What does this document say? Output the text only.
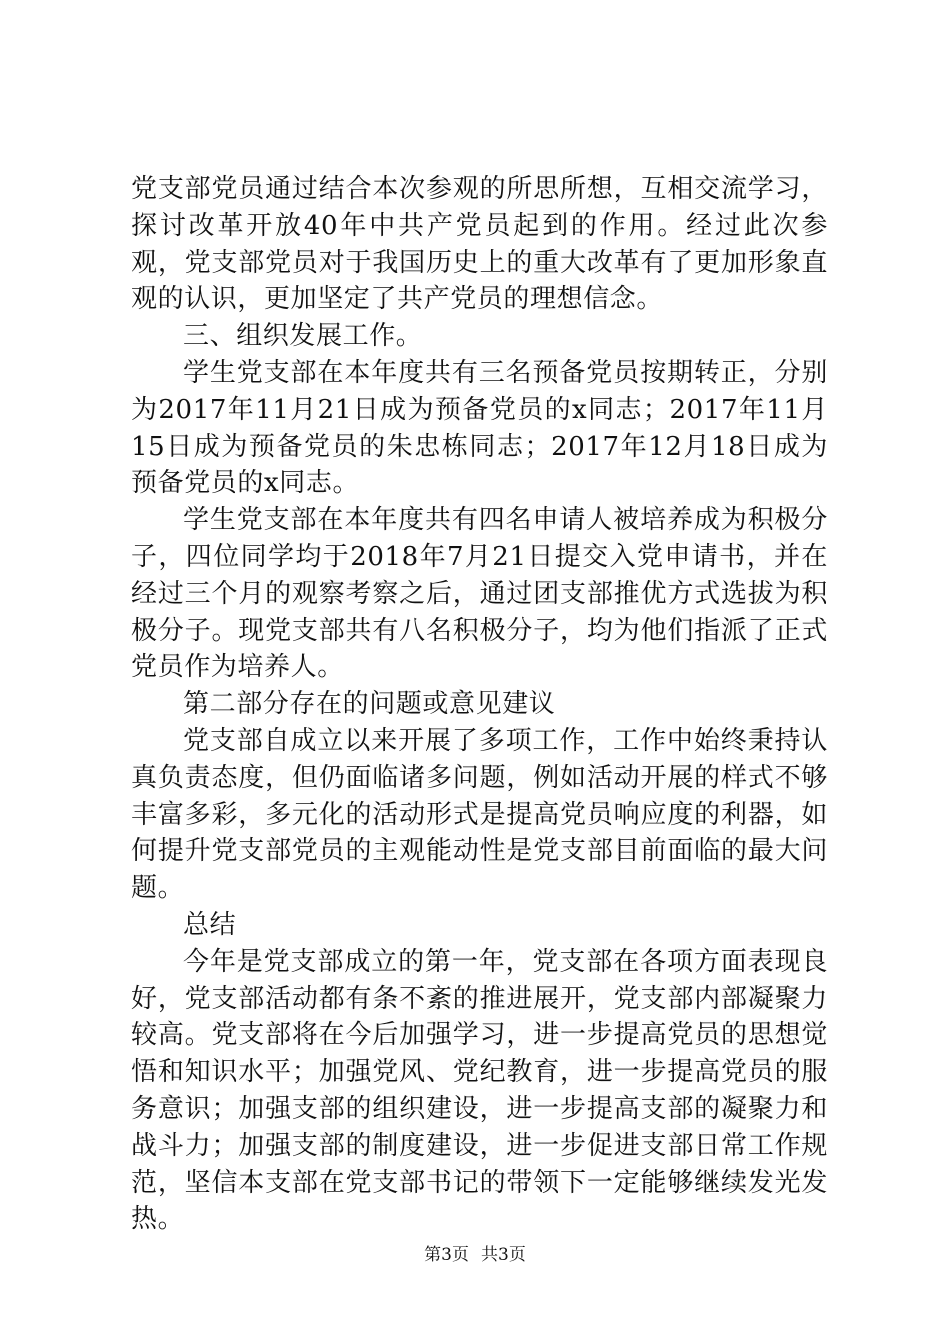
党支部党员通过结合本次参观的所思所想，互相交流学习，探讨改革开放40年中共产党员起到的作用。经过此次参观，党支部党员对于我国历史上的重大改革有了更加形象直观的认识，更加坚定了共产党员的理想信念。

三、组织发展工作。

学生党支部在本年度共有三名预备党员按期转正，分别为2017年11月21日成为预备党员的x同志；2017年11月15日成为预备党员的朱忠栋同志；2017年12月18日成为预备党员的x同志。

学生党支部在本年度共有四名申请人被培养成为积极分子，四位同学均于2018年7月21日提交入党申请书，并在经过三个月的观察考察之后，通过团支部推优方式选拔为积极分子。现党支部共有八名积极分子，均为他们指派了正式党员作为培养人。

第二部分存在的问题或意见建议

党支部自成立以来开展了多项工作，工作中始终秉持认真负责态度，但仍面临诸多问题，例如活动开展的样式不够丰富多彩，多元化的活动形式是提高党员响应度的利器，如何提升党支部党员的主观能动性是党支部目前面临的最大问题。

总结

今年是党支部成立的第一年，党支部在各项方面表现良好，党支部活动都有条不紊的推进展开，党支部内部凝聚力较高。党支部将在今后加强学习，进一步提高党员的思想觉悟和知识水平；加强党风、党纪教育，进一步提高党员的服务意识；加强支部的组织建设，进一步提高支部的凝聚力和战斗力；加强支部的制度建设，进一步促进支部日常工作规范，坚信本支部在党支部书记的带领下一定能够继续发光发热。

第3页 共3页
